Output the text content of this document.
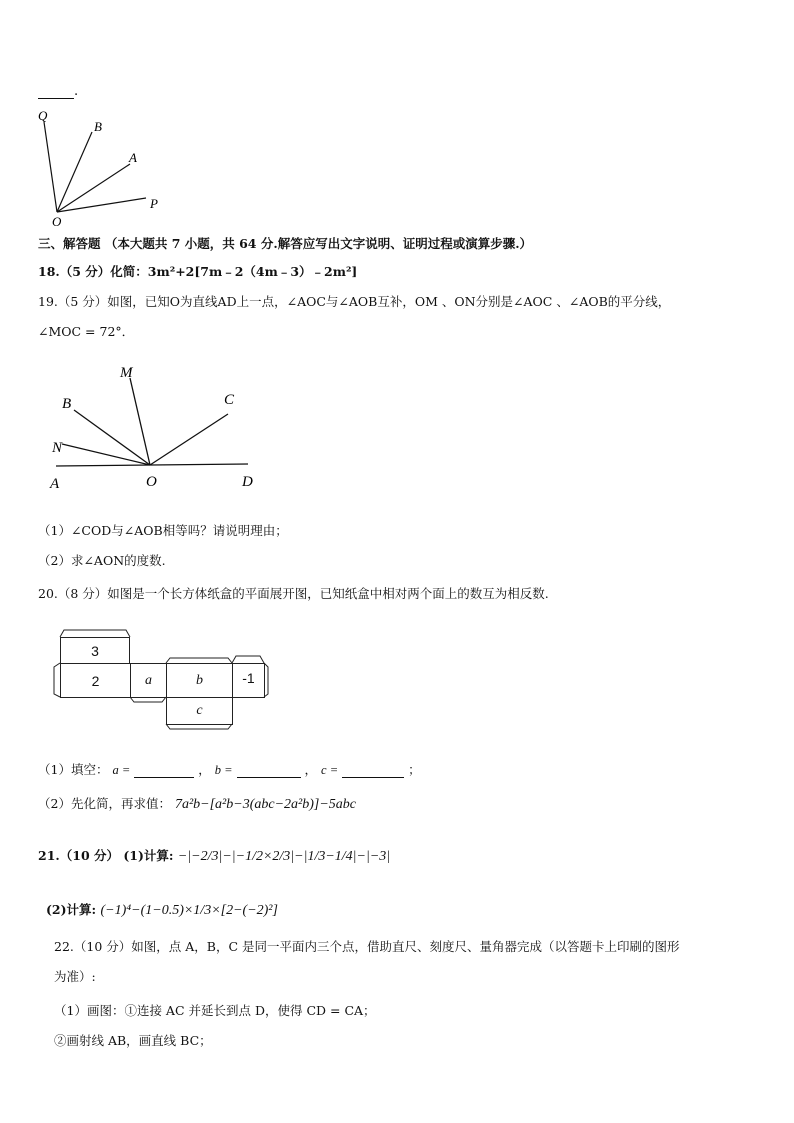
.
Q
B
A
P
O
三、解答题 （本大题共 7 小题，共 64 分.解答应写出文字说明、证明过程或演算步骤.）
18.（5 分）化简：3m²+2[7m﹣2（4m﹣3）﹣2m²]
19.（5 分）如图，已知O为直线AD上一点，∠AOC与∠AOB互补，OM 、ON分别是∠AOC 、∠AOB的平分线，
∠MOC = 72°．
M
B	C
N
A	O	D
（1）∠COD与∠AOB相等吗？请说明理由；
（2）求∠AON的度数.
20.（8 分）如图是一个长方体纸盒的平面展开图，已知纸盒中相对两个面上的数互为相反数.
3
2	a	b	-1
c
（1）填空： a =	， b =	， c =	；
（2）先化简，再求值： 7a²b−[a²b−3(abc−2a²b)]−5abc
21.（10 分） (1)计算: −|−2/3|−|−1/2×2/3|−|1/3−1/4|−|−3|
(2)计算: (−1)⁴−(1−0.5)×1/3×[2−(−2)²]
22.（10 分）如图，点 A，B，C 是同一平面内三个点，借助直尺、刻度尺、量角器完成（以答题卡上印刷的图形
为准）:
（1）画图：①连接 AC 并延长到点 D，使得 CD = CA；
②画射线 AB，画直线 BC；
